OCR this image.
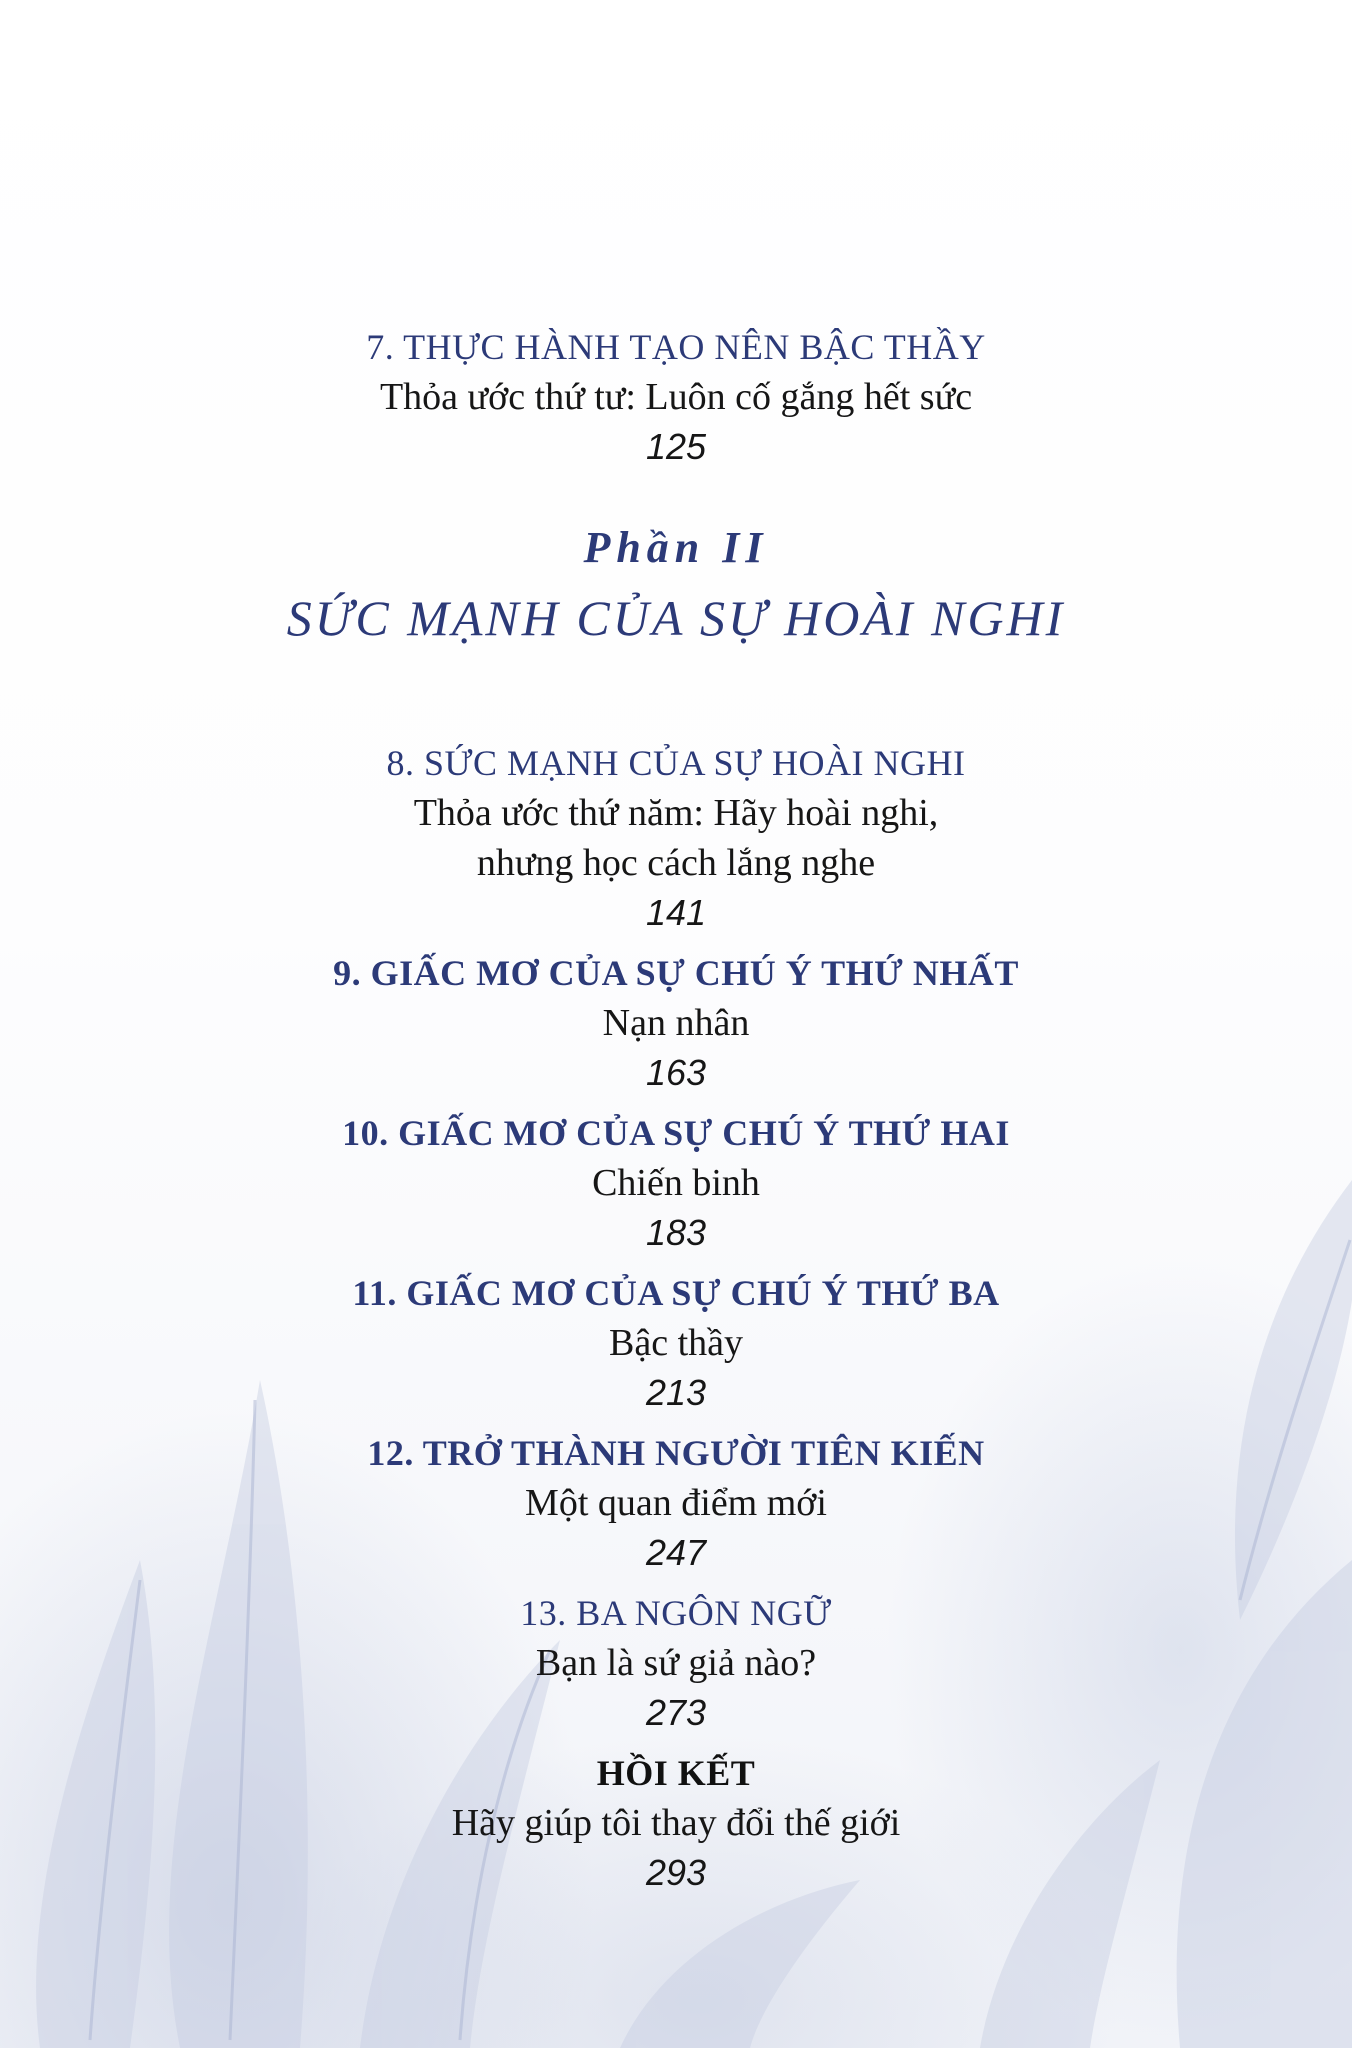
7. THỰC HÀNH TẠO NÊN BẬC THẦY
Thỏa ước thứ tư: Luôn cố gắng hết sức
125
Phần II
SỨC MẠNH CỦA SỰ HOÀI NGHI
8. SỨC MẠNH CỦA SỰ HOÀI NGHI
Thỏa ước thứ năm: Hãy hoài nghi,
nhưng học cách lắng nghe
141
9. GIẤC MƠ CỦA SỰ CHÚ Ý THỨ NHẤT
Nạn nhân
163
10. GIẤC MƠ CỦA SỰ CHÚ Ý THỨ HAI
Chiến binh
183
11. GIẤC MƠ CỦA SỰ CHÚ Ý THỨ BA
Bậc thầy
213
12. TRỞ THÀNH NGƯỜI TIÊN KIẾN
Một quan điểm mới
247
13. BA NGÔN NGỮ
Bạn là sứ giả nào?
273
HỒI KẾT
Hãy giúp tôi thay đổi thế giới
293
